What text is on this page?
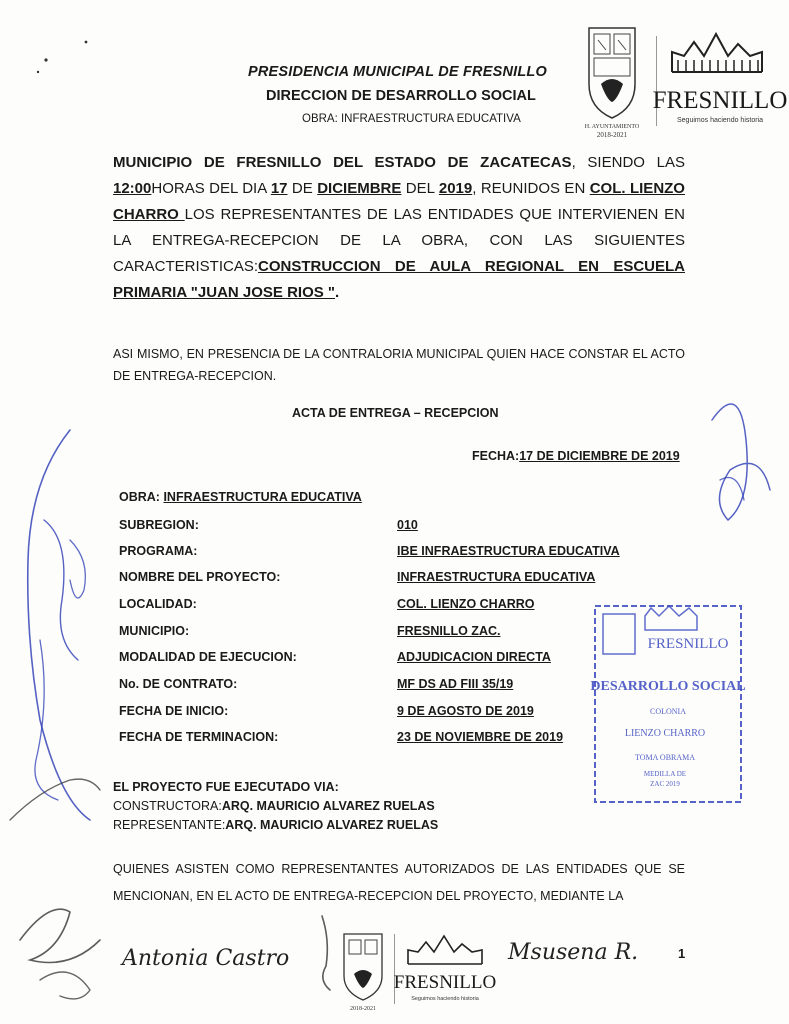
PRESIDENCIA MUNICIPAL DE FRESNILLO
DIRECCION DE DESARROLLO SOCIAL
OBRA: INFRAESTRUCTURA EDUCATIVA
H. AYUNTAMIENTO
2018-2021
FRESNILLO
Seguimos haciendo historia
MUNICIPIO DE FRESNILLO DEL ESTADO DE ZACATECAS, SIENDO LAS 12:00HORAS DEL DIA 17 DE DICIEMBRE DEL 2019, REUNIDOS EN COL. LIENZO CHARRO LOS REPRESENTANTES DE LAS ENTIDADES QUE INTERVIENEN EN LA ENTREGA-RECEPCION DE LA OBRA, CON LAS SIGUIENTES CARACTERISTICAS:CONSTRUCCION DE AULA REGIONAL EN ESCUELA PRIMARIA "JUAN JOSE RIOS ".
ASI MISMO, EN PRESENCIA DE LA CONTRALORIA MUNICIPAL QUIEN HACE CONSTAR EL ACTO DE ENTREGA-RECEPCION.
ACTA DE ENTREGA – RECEPCION
FECHA:17 DE DICIEMBRE DE 2019
OBRA: INFRAESTRUCTURA EDUCATIVA
SUBREGION:	010
PROGRAMA:	IBE INFRAESTRUCTURA EDUCATIVA
NOMBRE DEL PROYECTO:	INFRAESTRUCTURA EDUCATIVA
LOCALIDAD:	COL. LIENZO CHARRO
MUNICIPIO:	FRESNILLO ZAC.
MODALIDAD DE EJECUCION:	ADJUDICACION DIRECTA
No. DE CONTRATO:	MF DS AD FIII 35/19
FECHA DE INICIO:	9 DE AGOSTO DE 2019
FECHA DE TERMINACION:	23 DE NOVIEMBRE DE 2019
FRESNILLO
DESARROLLO SOCIAL
COLONIA
LIENZO CHARRO
TOMA OBRAMA
MEDILLA DE
ZAC 2019
EL PROYECTO FUE EJECUTADO VIA:
CONSTRUCTORA:ARQ. MAURICIO ALVAREZ RUELAS
REPRESENTANTE:ARQ. MAURICIO ALVAREZ RUELAS
QUIENES ASISTEN COMO REPRESENTANTES AUTORIZADOS DE LAS ENTIDADES QUE SE MENCIONAN, EN EL ACTO DE ENTREGA-RECEPCION DEL PROYECTO, MEDIANTE LA
Antonia Castro	Msusena R.	1
2018-2021
FRESNILLO
Seguimos haciendo historia
